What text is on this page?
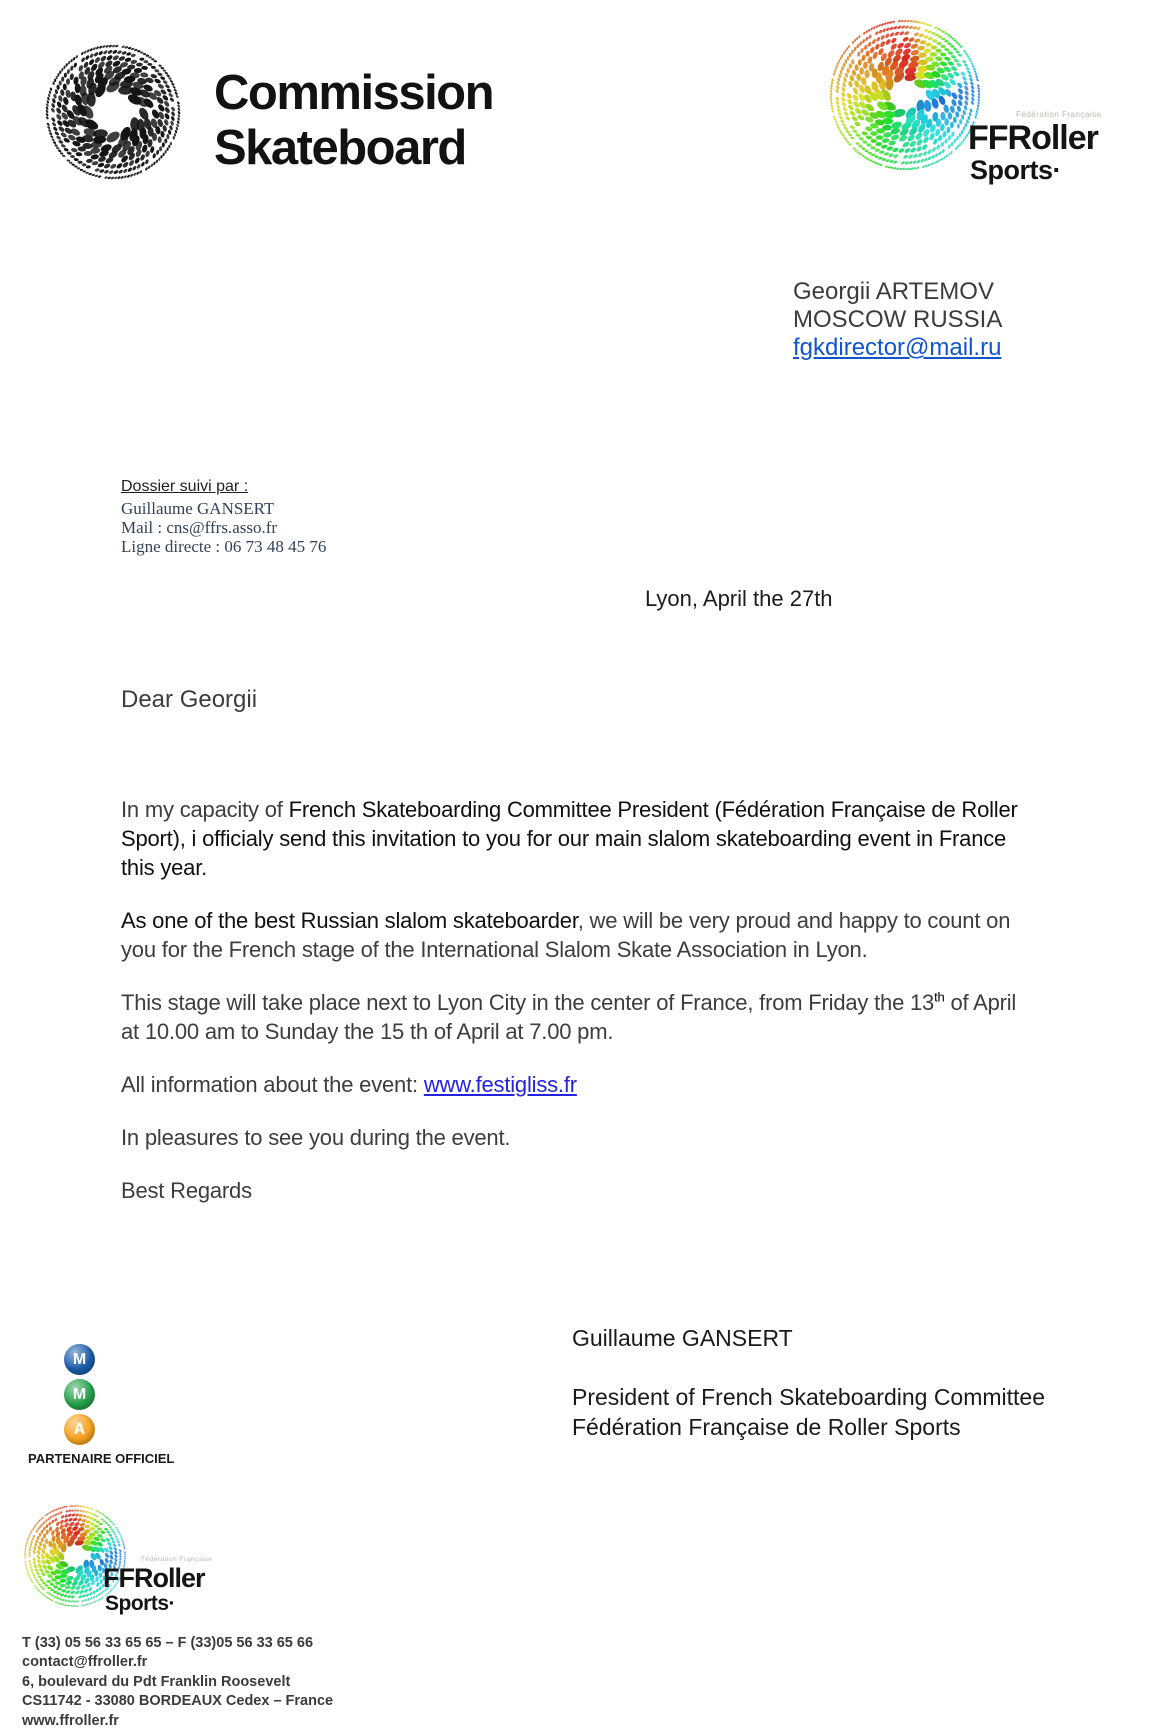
Commission
Skateboard
Fédération Française
FFRoller
Sports·
Georgii ARTEMOV
MOSCOW RUSSIA
fgkdirector@mail.ru
Dossier suivi par :
Guillaume GANSERT
Mail : cns@ffrs.asso.fr
Ligne directe : 06 73 48 45 76
Lyon, April the 27th
Dear Georgii

In my capacity of French Skateboarding Committee President (Fédération Française de Roller Sport), i officialy send this invitation to you for our main slalom skateboarding event in France this year.

As one of the best Russian slalom skateboarder, we will be very proud and happy to count on you for the French stage of the International Slalom Skate Association in Lyon.

This stage will take place next to Lyon City in the center of France, from Friday the 13th of April at 10.00 am to Sunday the 15 th of April at 7.00 pm.

All information about the event: www.festigliss.fr

In pleasures to see you during the event.

Best Regards

Guillaume GANSERT
President of French Skateboarding Committee
Fédération Française de Roller Sports
M
M
A
PARTENAIRE OFFICIEL
Fédération Française
FFRoller
Sports·
T (33) 05 56 33 65 65 – F (33)05 56 33 65 66
contact@ffroller.fr
6, boulevard du Pdt Franklin Roosevelt
CS11742 - 33080 BORDEAUX Cedex – France
www.ffroller.fr
